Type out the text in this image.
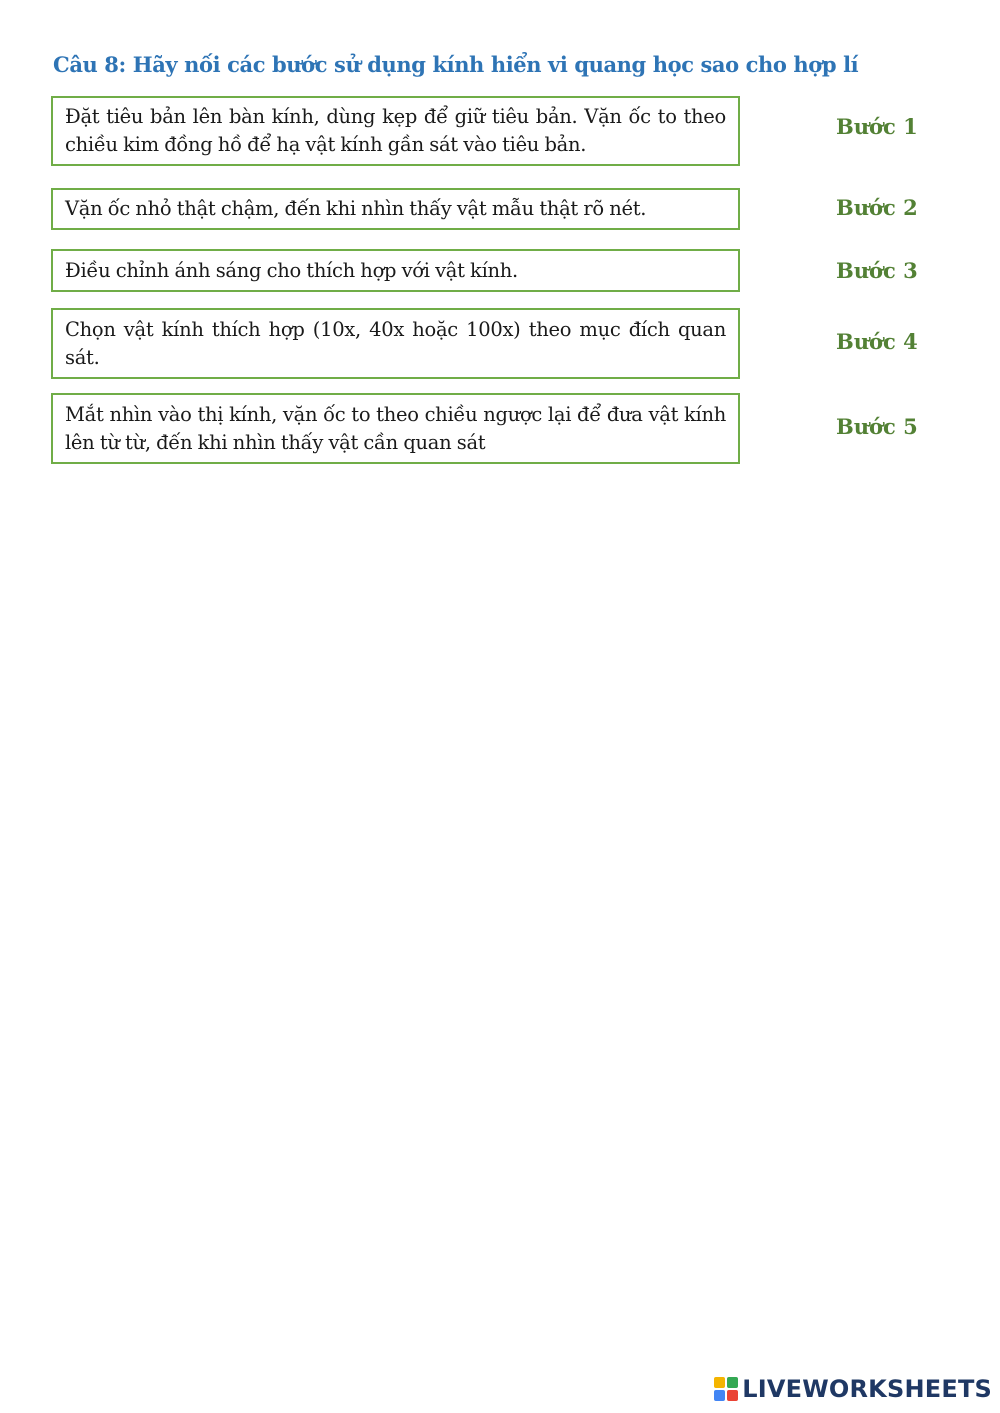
Câu 8: Hãy nối các bước sử dụng kính hiển vi quang học sao cho hợp lí
Đặt tiêu bản lên bàn kính, dùng kẹp để giữ tiêu bản. Vặn ốc to theo chiều kim đồng hồ để hạ vật kính gần sát vào tiêu bản.
Vặn ốc nhỏ thật chậm, đến khi nhìn thấy vật mẫu thật rõ nét.
Điều chỉnh ánh sáng cho thích hợp với vật kính.
Chọn vật kính thích hợp (10x, 40x hoặc 100x) theo mục đích quan sát.
Mắt nhìn vào thị kính, vặn ốc to theo chiều ngược lại để đưa vật kính lên từ từ, đến khi nhìn thấy vật cần quan sát
Bước 1
Bước 2
Bước 3
Bước 4
Bước 5
LIVEWORKSHEETS
